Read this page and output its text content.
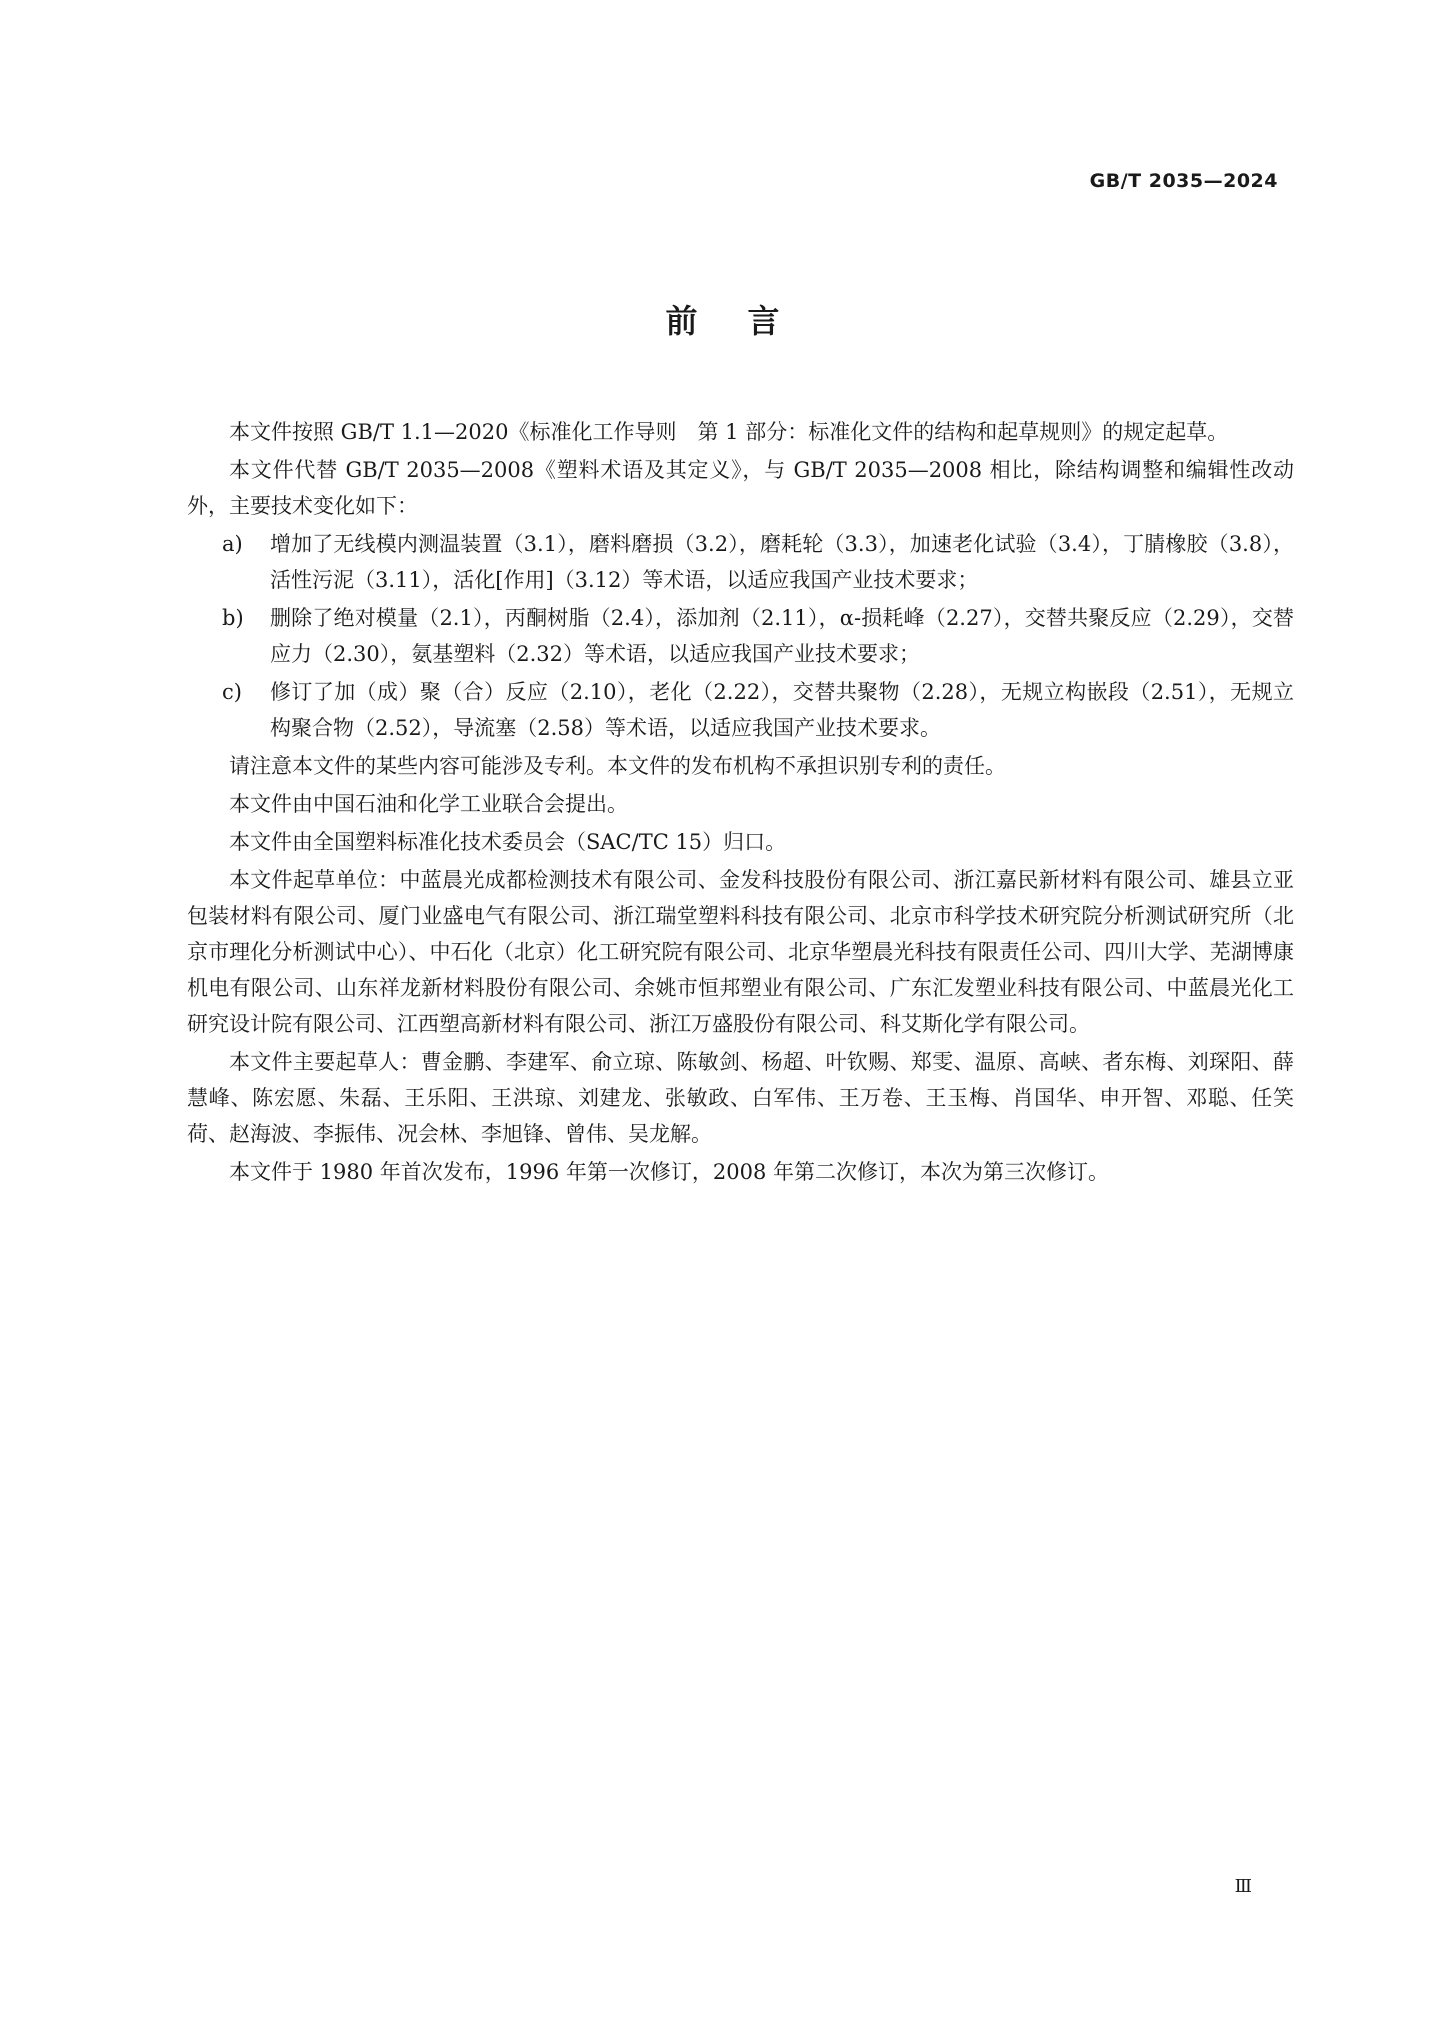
GB/T 2035—2024
前言

本文件按照 GB/T 1.1—2020《标准化工作导则　第 1 部分：标准化文件的结构和起草规则》的规定起草。

本文件代替 GB/T 2035—2008《塑料术语及其定义》，与 GB/T 2035—2008 相比，除结构调整和编辑性改动外，主要技术变化如下：

a) 增加了无线模内测温装置（3.1），磨料磨损（3.2），磨耗轮（3.3），加速老化试验（3.4），丁腈橡胶（3.8），活性污泥（3.11），活化[作用]（3.12）等术语，以适应我国产业技术要求；
b) 删除了绝对模量（2.1），丙酮树脂（2.4），添加剂（2.11），α-损耗峰（2.27），交替共聚反应（2.29），交替应力（2.30），氨基塑料（2.32）等术语，以适应我国产业技术要求；
c) 修订了加（成）聚（合）反应（2.10），老化（2.22），交替共聚物（2.28），无规立构嵌段（2.51），无规立构聚合物（2.52），导流塞（2.58）等术语，以适应我国产业技术要求。

请注意本文件的某些内容可能涉及专利。本文件的发布机构不承担识别专利的责任。

本文件由中国石油和化学工业联合会提出。

本文件由全国塑料标准化技术委员会（SAC/TC 15）归口。

本文件起草单位：中蓝晨光成都检测技术有限公司、金发科技股份有限公司、浙江嘉民新材料有限公司、雄县立亚包装材料有限公司、厦门业盛电气有限公司、浙江瑞堂塑料科技有限公司、北京市科学技术研究院分析测试研究所（北京市理化分析测试中心）、中石化（北京）化工研究院有限公司、北京华塑晨光科技有限责任公司、四川大学、芜湖博康机电有限公司、山东祥龙新材料股份有限公司、余姚市恒邦塑业有限公司、广东汇发塑业科技有限公司、中蓝晨光化工研究设计院有限公司、江西塑高新材料有限公司、浙江万盛股份有限公司、科艾斯化学有限公司。

本文件主要起草人：曹金鹏、李建军、俞立琼、陈敏剑、杨超、叶钦赐、郑雯、温原、高峡、者东梅、刘琛阳、薛慧峰、陈宏愿、朱磊、王乐阳、王洪琼、刘建龙、张敏政、白军伟、王万卷、王玉梅、肖国华、申开智、邓聪、任笑荷、赵海波、李振伟、况会林、李旭锋、曾伟、吴龙解。

本文件于 1980 年首次发布，1996 年第一次修订，2008 年第二次修订，本次为第三次修订。

Ⅲ
